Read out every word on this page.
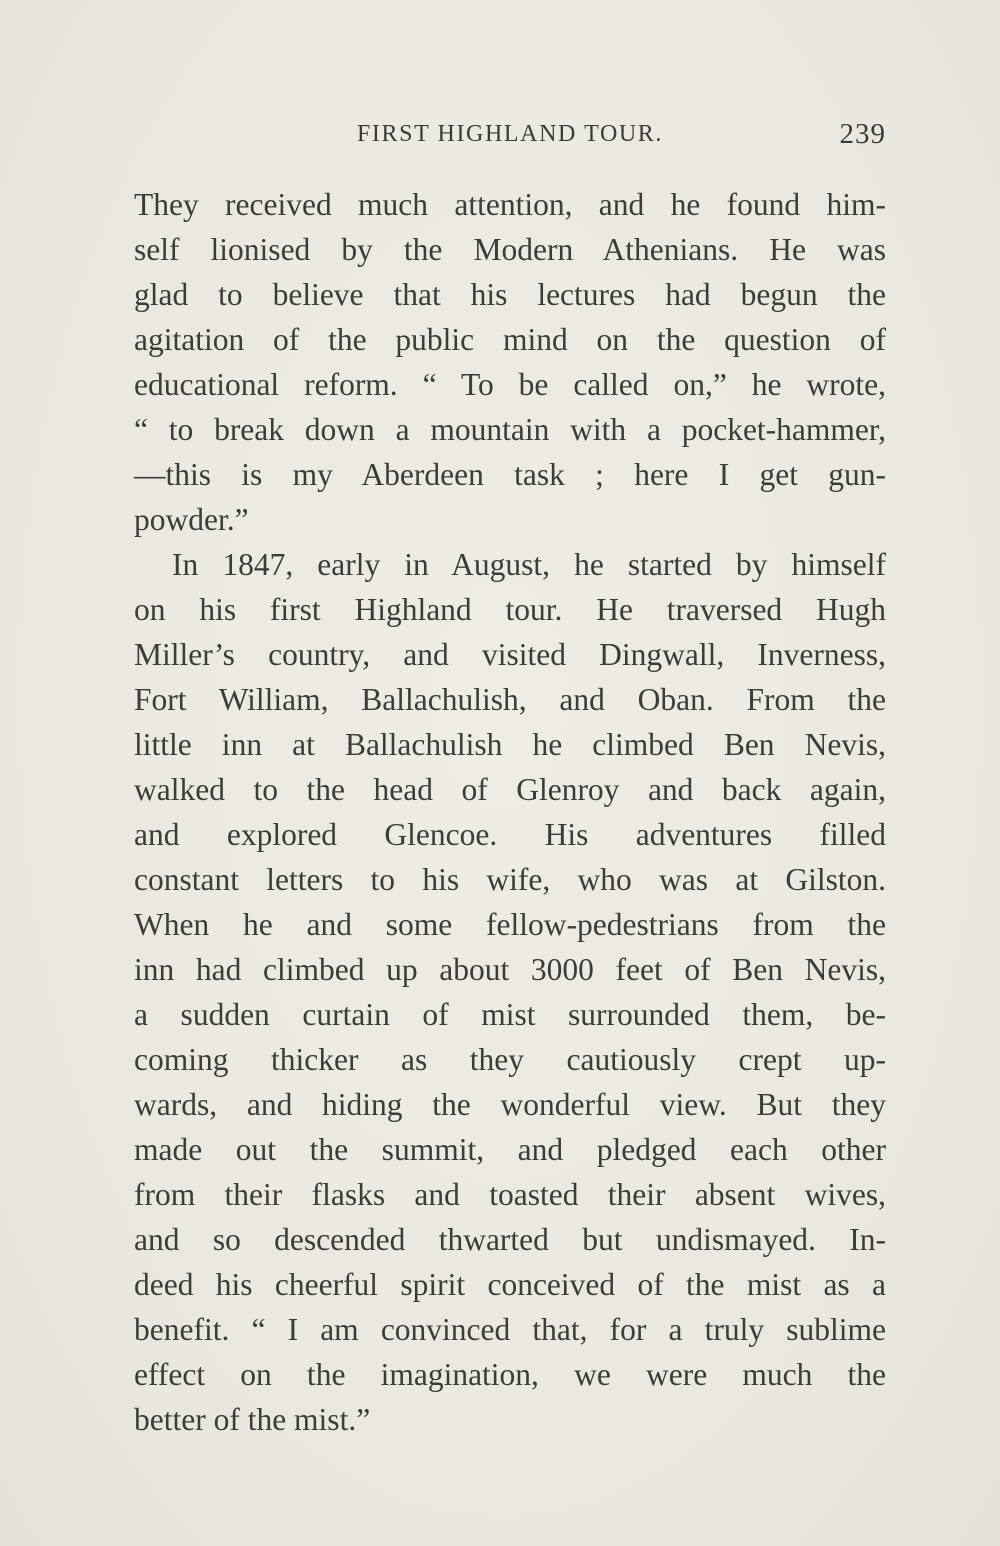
FIRST HIGHLAND TOUR.	239
They received much attention, and he found him-
self lionised by the Modern Athenians. He was
glad to believe that his lectures had begun the
agitation of the public mind on the question of
educational reform. “ To be called on,” he wrote,
“ to break down a mountain with a pocket-hammer,
—this is my Aberdeen task ; here I get gun-
powder.”
In 1847, early in August, he started by himself
on his first Highland tour. He traversed Hugh
Miller’s country, and visited Dingwall, Inverness,
Fort William, Ballachulish, and Oban. From the
little inn at Ballachulish he climbed Ben Nevis,
walked to the head of Glenroy and back again,
and explored Glencoe. His adventures filled
constant letters to his wife, who was at Gilston.
When he and some fellow-pedestrians from the
inn had climbed up about 3000 feet of Ben Nevis,
a sudden curtain of mist surrounded them, be-
coming thicker as they cautiously crept up-
wards, and hiding the wonderful view. But they
made out the summit, and pledged each other
from their flasks and toasted their absent wives,
and so descended thwarted but undismayed. In-
deed his cheerful spirit conceived of the mist as a
benefit. “ I am convinced that, for a truly sublime
effect on the imagination, we were much the
better of the mist.”
